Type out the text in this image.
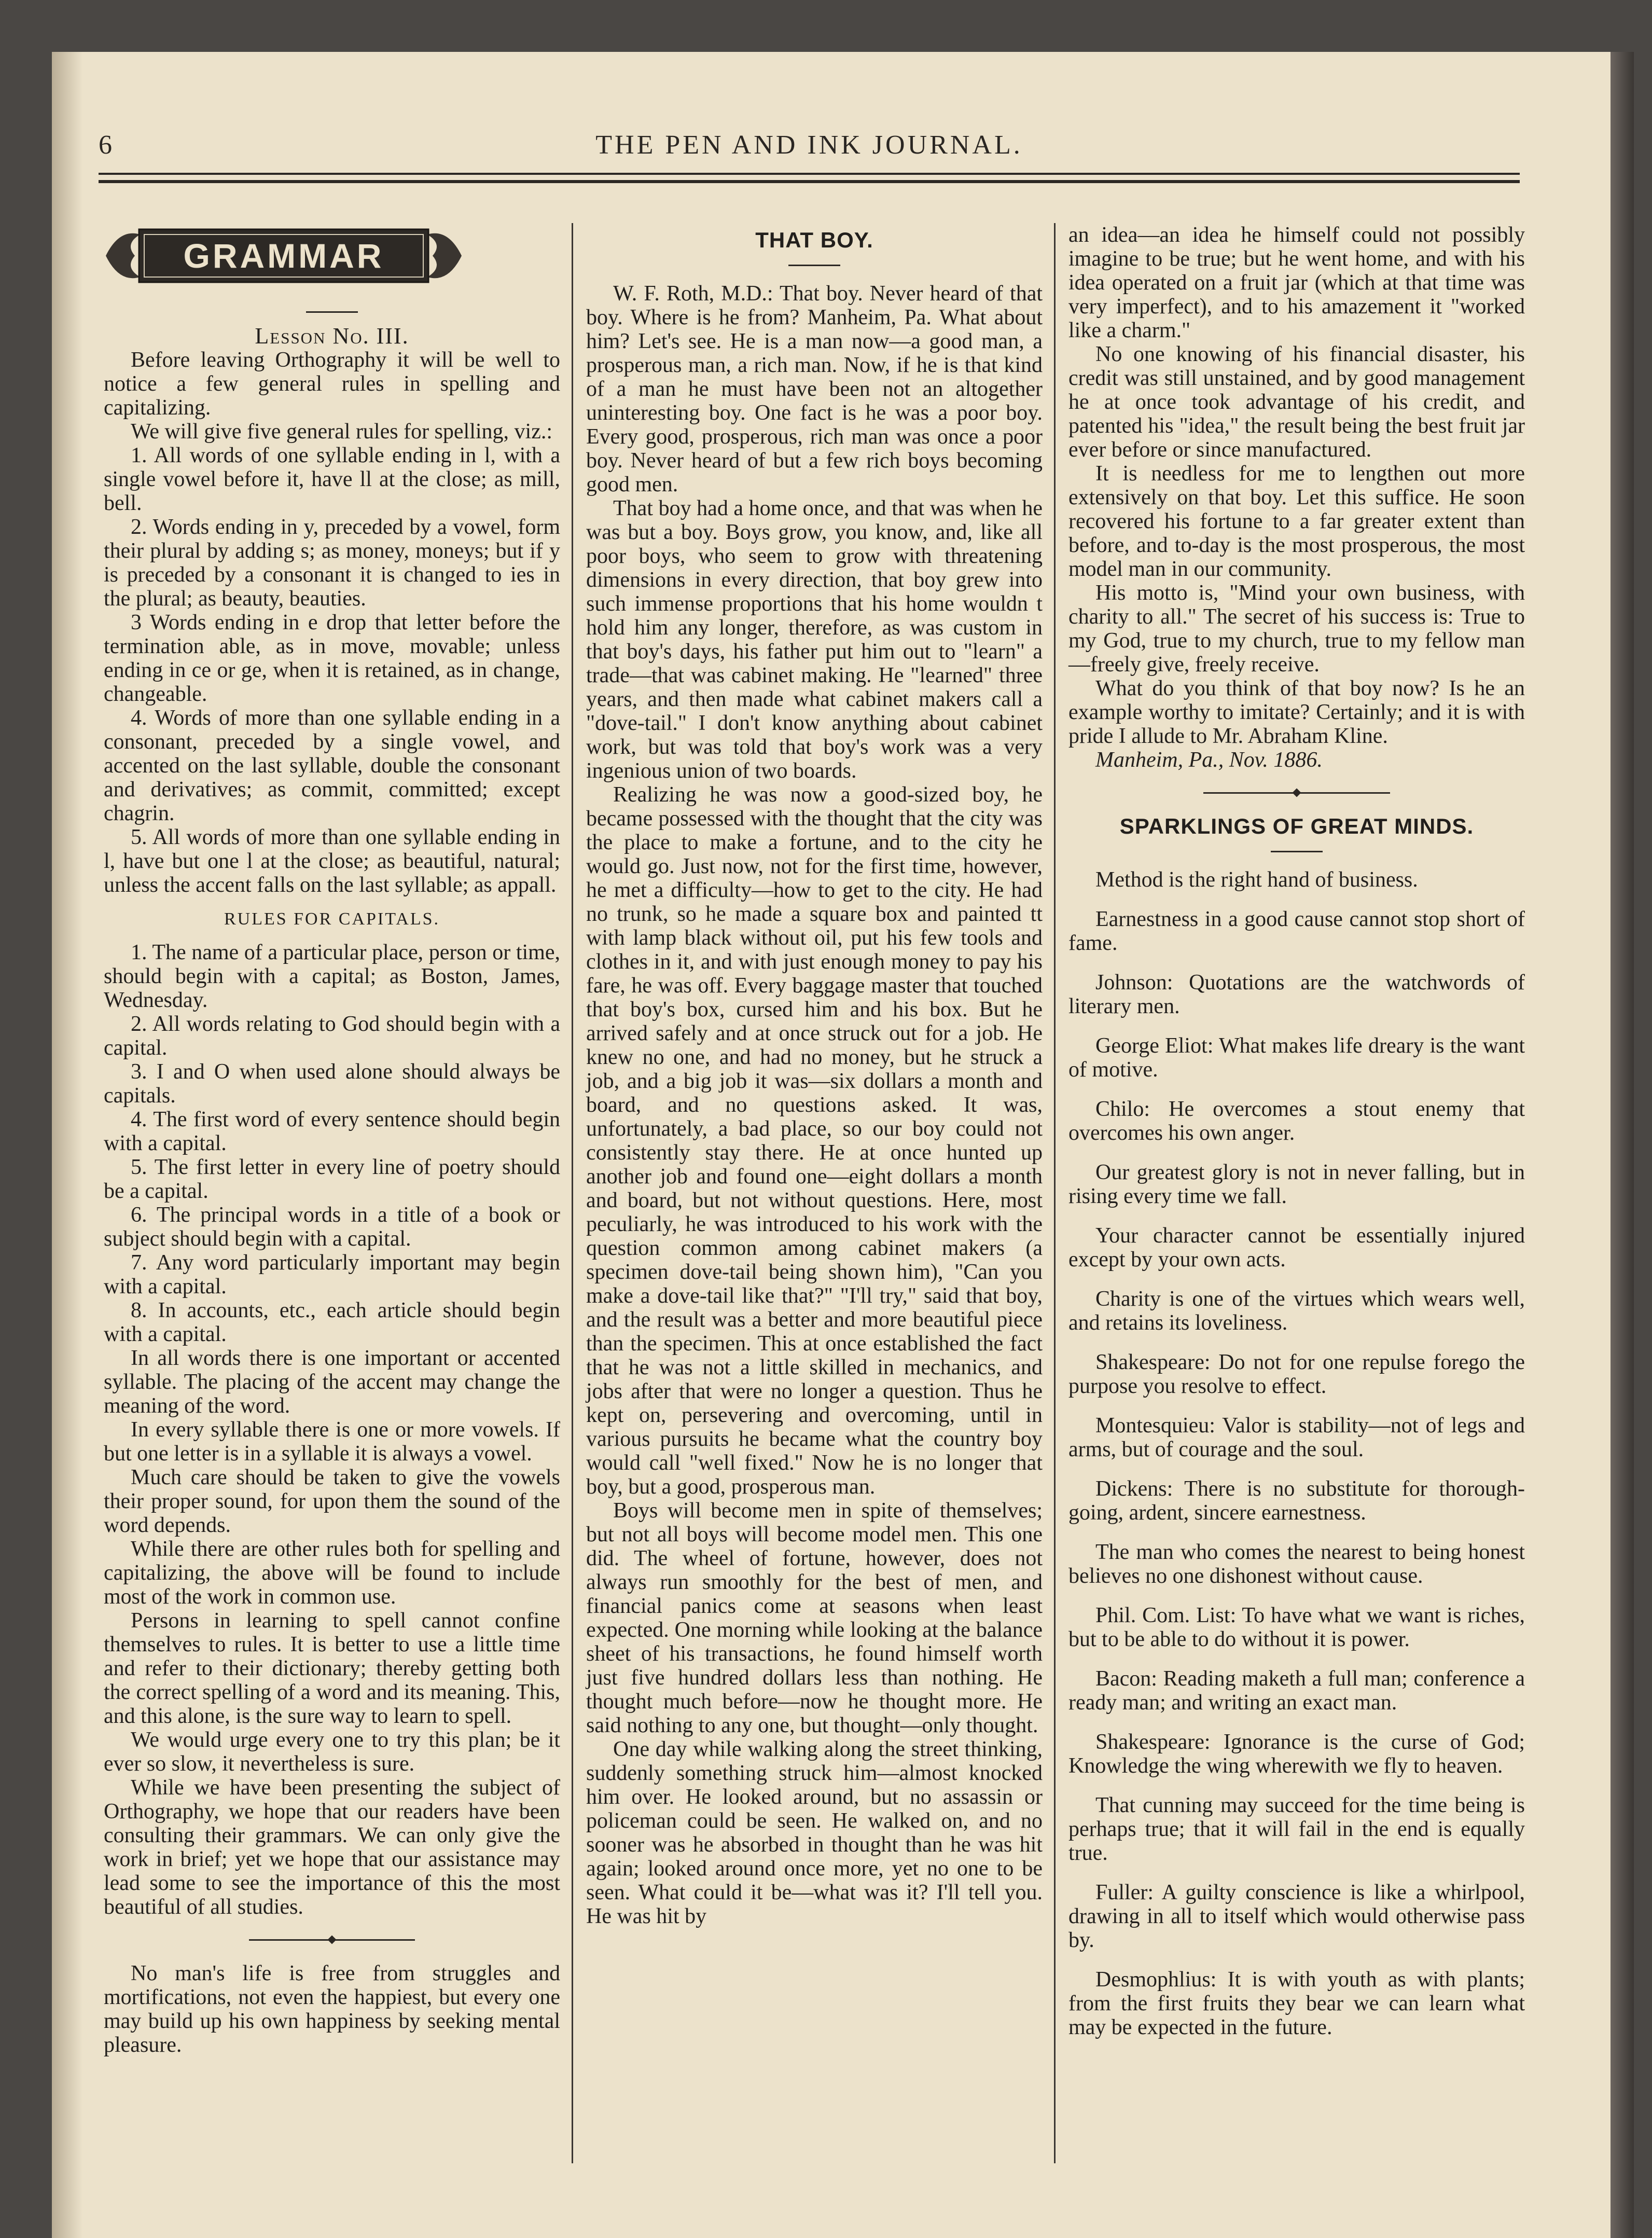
6	THE PEN AND INK JOURNAL.
GRAMMAR
Lesson No. III.

Before leaving Orthography it will be well to notice a few general rules in spelling and capitalizing.

We will give five general rules for spelling, viz.:

1. All words of one syllable ending in l, with a single vowel before it, have ll at the close; as mill, bell.

2. Words ending in y, preceded by a vowel, form their plural by adding s; as money, moneys; but if y is preceded by a consonant it is changed to ies in the plural; as beauty, beauties.

3 Words ending in e drop that letter before the termination able, as in move, movable; unless ending in ce or ge, when it is retained, as in change, changeable.

4. Words of more than one syllable ending in a consonant, preceded by a single vowel, and accented on the last syllable, double the consonant and derivatives; as commit, committed; except chagrin.

5. All words of more than one syllable ending in l, have but one l at the close; as beautiful, natural; unless the accent falls on the last syllable; as appall.

RULES FOR CAPITALS.

1. The name of a particular place, person or time, should begin with a capital; as Boston, James, Wednesday.

2. All words relating to God should begin with a capital.

3. I and O when used alone should always be capitals.

4. The first word of every sentence should begin with a capital.

5. The first letter in every line of poetry should be a capital.

6. The principal words in a title of a book or subject should begin with a capital.

7. Any word particularly important may begin with a capital.

8. In accounts, etc., each article should begin with a capital.

In all words there is one important or accented syllable. The placing of the accent may change the meaning of the word.

In every syllable there is one or more vowels. If but one letter is in a syllable it is always a vowel.

Much care should be taken to give the vowels their proper sound, for upon them the sound of the word depends.

While there are other rules both for spelling and capitalizing, the above will be found to include most of the work in common use.

Persons in learning to spell cannot confine themselves to rules. It is better to use a little time and refer to their dictionary; thereby getting both the correct spelling of a word and its meaning. This, and this alone, is the sure way to learn to spell.

We would urge every one to try this plan; be it ever so slow, it nevertheless is sure.

While we have been presenting the subject of Orthography, we hope that our readers have been consulting their grammars. We can only give the work in brief; yet we hope that our assistance may lead some to see the importance of this the most beautiful of all studies.

No man's life is free from struggles and mortifications, not even the happiest, but every one may build up his own happiness by seeking mental pleasure.

THAT BOY.

W. F. Roth, M.D.: That boy. Never heard of that boy. Where is he from? Manheim, Pa. What about him? Let's see. He is a man now—a good man, a prosperous man, a rich man. Now, if he is that kind of a man he must have been not an altogether uninteresting boy. One fact is he was a poor boy. Every good, prosperous, rich man was once a poor boy. Never heard of but a few rich boys becoming good men.

That boy had a home once, and that was when he was but a boy. Boys grow, you know, and, like all poor boys, who seem to grow with threatening dimensions in every direction, that boy grew into such immense proportions that his home wouldn t hold him any longer, therefore, as was custom in that boy's days, his father put him out to "learn" a trade—that was cabinet making. He "learned" three years, and then made what cabinet makers call a "dove-tail." I don't know anything about cabinet work, but was told that boy's work was a very ingenious union of two boards.

Realizing he was now a good-sized boy, he became possessed with the thought that the city was the place to make a fortune, and to the city he would go. Just now, not for the first time, however, he met a difficulty—how to get to the city. He had no trunk, so he made a square box and painted tt with lamp black without oil, put his few tools and clothes in it, and with just enough money to pay his fare, he was off. Every baggage master that touched that boy's box, cursed him and his box. But he arrived safely and at once struck out for a job. He knew no one, and had no money, but he struck a job, and a big job it was—six dollars a month and board, and no questions asked. It was, unfortunately, a bad place, so our boy could not consistently stay there. He at once hunted up another job and found one—eight dollars a month and board, but not without questions. Here, most peculiarly, he was introduced to his work with the question common among cabinet makers (a specimen dove-tail being shown him), "Can you make a dove-tail like that?" "I'll try," said that boy, and the result was a better and more beautiful piece than the specimen. This at once established the fact that he was not a little skilled in mechanics, and jobs after that were no longer a question. Thus he kept on, persevering and overcoming, until in various pursuits he became what the country boy would call "well fixed." Now he is no longer that boy, but a good, prosperous man.

Boys will become men in spite of themselves; but not all boys will become model men. This one did. The wheel of fortune, however, does not always run smoothly for the best of men, and financial panics come at seasons when least expected. One morning while looking at the balance sheet of his transactions, he found himself worth just five hundred dollars less than nothing. He thought much before—now he thought more. He said nothing to any one, but thought—only thought.

One day while walking along the street thinking, suddenly something struck him—almost knocked him over. He looked around, but no assassin or policeman could be seen. He walked on, and no sooner was he absorbed in thought than he was hit again; looked around once more, yet no one to be seen. What could it be—what was it? I'll tell you. He was hit by

an idea—an idea he himself could not possibly imagine to be true; but he went home, and with his idea operated on a fruit jar (which at that time was very imperfect), and to his amazement it "worked like a charm."

No one knowing of his financial disaster, his credit was still unstained, and by good management he at once took advantage of his credit, and patented his "idea," the result being the best fruit jar ever before or since manufactured.

It is needless for me to lengthen out more extensively on that boy. Let this suffice. He soon recovered his fortune to a far greater extent than before, and to-day is the most prosperous, the most model man in our community.

His motto is, "Mind your own business, with charity to all." The secret of his success is: True to my God, true to my church, true to my fellow man—freely give, freely receive.

What do you think of that boy now? Is he an example worthy to imitate? Certainly; and it is with pride I allude to Mr. Abraham Kline.

Manheim, Pa., Nov. 1886.

SPARKLINGS OF GREAT MINDS.

Method is the right hand of business.

Earnestness in a good cause cannot stop short of fame.

Johnson: Quotations are the watchwords of literary men.

George Eliot: What makes life dreary is the want of motive.

Chilo: He overcomes a stout enemy that overcomes his own anger.

Our greatest glory is not in never falling, but in rising every time we fall.

Your character cannot be essentially injured except by your own acts.

Charity is one of the virtues which wears well, and retains its loveliness.

Shakespeare: Do not for one repulse forego the purpose you resolve to effect.

Montesquieu: Valor is stability—not of legs and arms, but of courage and the soul.

Dickens: There is no substitute for thorough-going, ardent, sincere earnestness.

The man who comes the nearest to being honest believes no one dishonest without cause.

Phil. Com. List: To have what we want is riches, but to be able to do without it is power.

Bacon: Reading maketh a full man; conference a ready man; and writing an exact man.

Shakespeare: Ignorance is the curse of God; Knowledge the wing wherewith we fly to heaven.

That cunning may succeed for the time being is perhaps true; that it will fail in the end is equally true.

Fuller: A guilty conscience is like a whirlpool, drawing in all to itself which would otherwise pass by.

Desmophlius: It is with youth as with plants; from the first fruits they bear we can learn what may be expected in the future.
